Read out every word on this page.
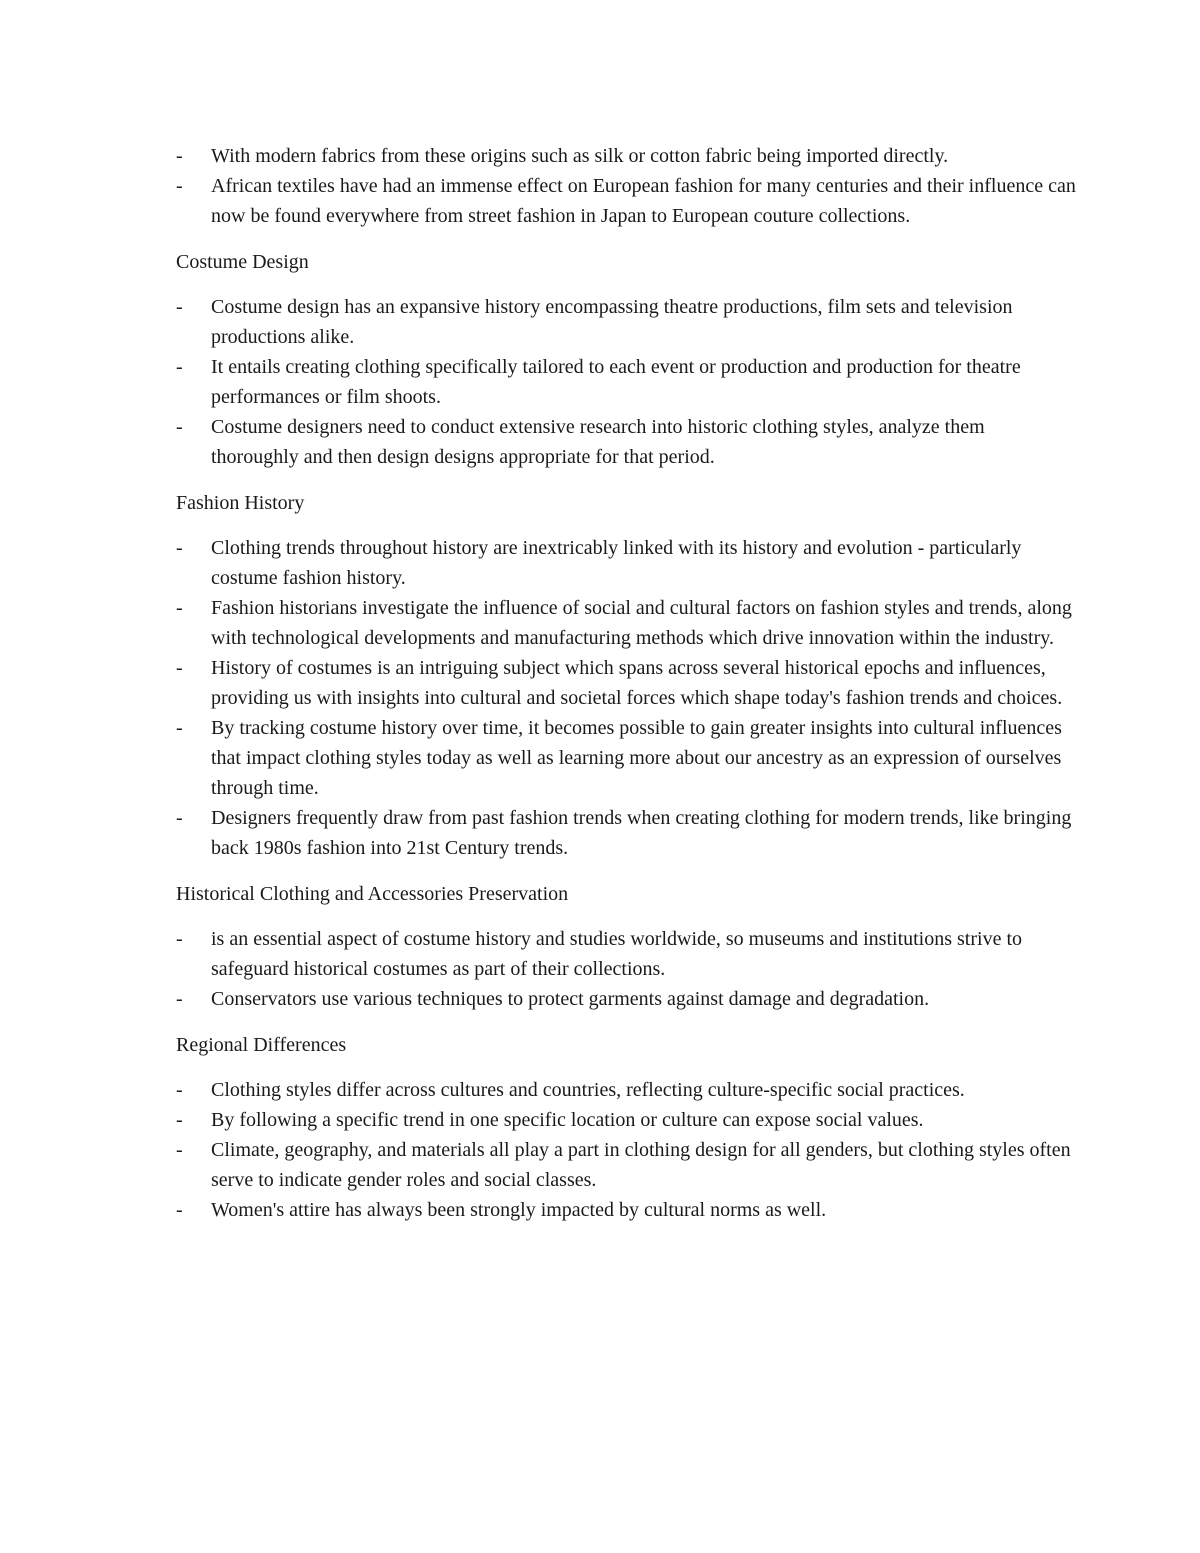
- With modern fabrics from these origins such as silk or cotton fabric being imported directly.
- African textiles have had an immense effect on European fashion for many centuries and their influence can now be found everywhere from street fashion in Japan to European couture collections.
Costume Design
- Costume design has an expansive history encompassing theatre productions, film sets and television productions alike.
- It entails creating clothing specifically tailored to each event or production and production for theatre performances or film shoots.
- Costume designers need to conduct extensive research into historic clothing styles, analyze them thoroughly and then design designs appropriate for that period.
Fashion History
- Clothing trends throughout history are inextricably linked with its history and evolution - particularly costume fashion history.
- Fashion historians investigate the influence of social and cultural factors on fashion styles and trends, along with technological developments and manufacturing methods which drive innovation within the industry.
- History of costumes is an intriguing subject which spans across several historical epochs and influences, providing us with insights into cultural and societal forces which shape today's fashion trends and choices.
- By tracking costume history over time, it becomes possible to gain greater insights into cultural influences that impact clothing styles today as well as learning more about our ancestry as an expression of ourselves through time.
- Designers frequently draw from past fashion trends when creating clothing for modern trends, like bringing back 1980s fashion into 21st Century trends.
Historical Clothing and Accessories Preservation
- is an essential aspect of costume history and studies worldwide, so museums and institutions strive to safeguard historical costumes as part of their collections.
- Conservators use various techniques to protect garments against damage and degradation.
Regional Differences
- Clothing styles differ across cultures and countries, reflecting culture-specific social practices.
- By following a specific trend in one specific location or culture can expose social values.
- Climate, geography, and materials all play a part in clothing design for all genders, but clothing styles often serve to indicate gender roles and social classes.
- Women's attire has always been strongly impacted by cultural norms as well.
